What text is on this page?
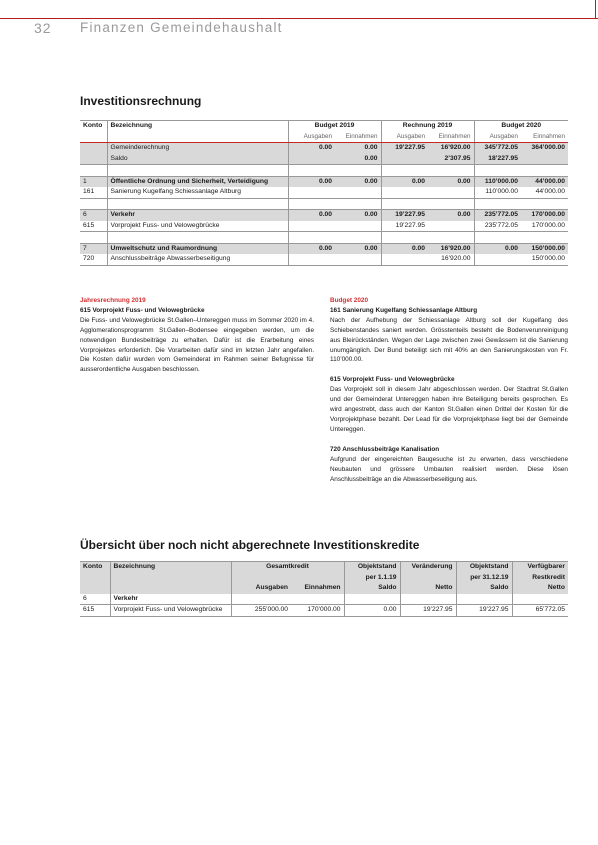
32 Finanzen Gemeindehaushalt
Investitionsrechnung
Konto	Bezeichnung	Budget 2019		Rechnung 2019		Budget 2020	
		Ausgaben	Einnahmen	Ausgaben	Einnahmen	Ausgaben	Einnahmen
	Gemeinderechnung	0.00	0.00	19’227.95	16’920.00	345’772.05	364’000.00
	Saldo		0.00		2’307.95	18’227.95	

1	Öffentliche Ordnung und Sicherheit, Verteidigung	0.00	0.00	0.00	0.00	110’000.00	44’000.00
161	Sanierung Kugelfang Schiessanlage Altburg					110’000.00	44’000.00

6	Verkehr	0.00	0.00	19’227.95	0.00	235’772.05	170’000.00
615	Vorprojekt Fuss- und Velowegbrücke			19’227.95		235’772.05	170’000.00

7	Umweltschutz und Raumordnung	0.00	0.00	0.00	16’920.00	0.00	150’000.00
720	Anschlussbeiträge Abwasserbeseitigung				16’920.00		150’000.00
Jahresrechnung 2019
615 Vorprojekt Fuss- und Velowegbrücke

Die Fuss- und Velowegbrücke St.Gallen–Untereggen muss im Sommer 2020 im 4. Agglomerationsprogramm St.Gallen–Bodensee eingegeben werden, um die notwendigen Bundesbeiträge zu erhalten. Dafür ist die Erarbeitung eines Vorprojektes erforderlich. Die Vorarbeiten dafür sind im letzten Jahr angefallen. Die Kosten dafür wurden vom Gemeinderat im Rahmen seiner Befugnisse für ausserordentliche Ausgaben beschlossen.

Budget 2020
161 Sanierung Kugelfang Schiessanlage Altburg

Nach der Aufhebung der Schiessanlage Altburg soll der Kugelfang des Schiebenstandes saniert werden. Grösstenteils besteht die Bodenverunreinigung aus Bleirückständen. Wegen der Lage zwischen zwei Gewässern ist die Sanierung unumgänglich. Der Bund beteiligt sich mit 40% an den Sanierungskosten von Fr. 110’000.00.

615 Vorprojekt Fuss- und Velowegbrücke

Das Vorprojekt soll in diesem Jahr abgeschlossen werden. Der Stadtrat St.Gallen und der Gemeinderat Untereggen haben ihre Beteiligung bereits gesprochen. Es wird angestrebt, dass auch der Kanton St.Gallen einen Drittel der Kosten für die Vorprojektphase bezahlt. Der Lead für die Vorprojektphase liegt bei der Gemeinde Untereggen.

720 Anschlussbeiträge Kanalisation

Aufgrund der eingereichten Baugesuche ist zu erwarten, dass verschiedene Neubauten und grössere Umbauten realisiert werden. Diese lösen Anschlussbeiträge an die Abwasserbeseitigung aus.

Übersicht über noch nicht abgerechnete Investitionskredite
Konto	Bezeichnung	Gesamtkredit		Objektstand	Veränderung	Objektstand	Verfügbarer
				per 1.1.19		per 31.12.19	Restkredit
		Ausgaben	Einnahmen	Saldo	Netto	Saldo	Netto
6	Verkehr						
615	Vorprojekt Fuss- und Velowegbrücke	255’000.00	170’000.00	0.00	19’227.95	19’227.95	65’772.05
